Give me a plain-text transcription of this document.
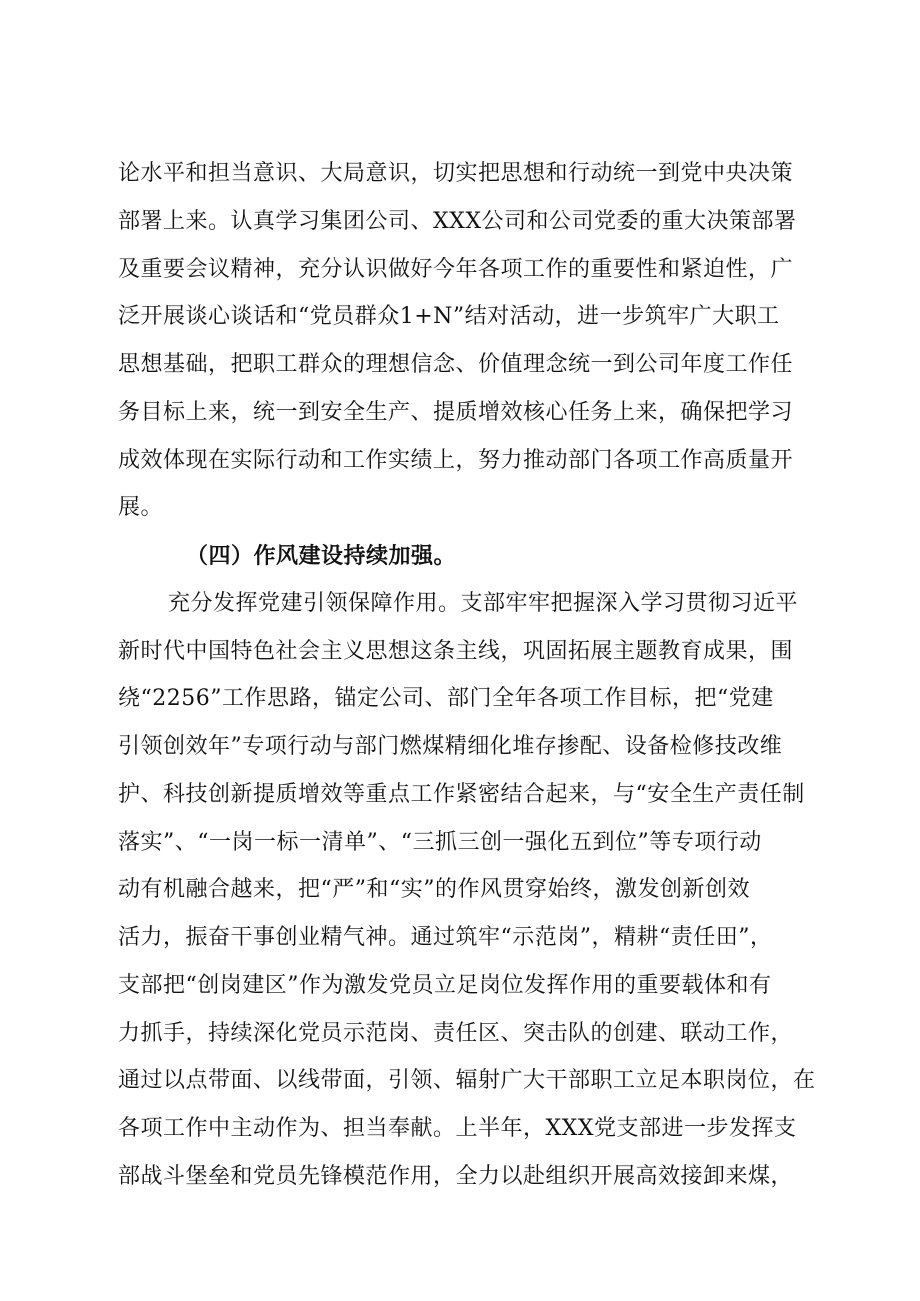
论水平和担当意识、大局意识，切实把思想和行动统一到党中央决策
部署上来。认真学习集团公司、XXX公司和公司党委的重大决策部署
及重要会议精神，充分认识做好今年各项工作的重要性和紧迫性，广
泛开展谈心谈话和“党员群众1+N”结对活动，进一步筑牢广大职工
思想基础，把职工群众的理想信念、价值理念统一到公司年度工作任
务目标上来，统一到安全生产、提质增效核心任务上来，确保把学习
成效体现在实际行动和工作实绩上，努力推动部门各项工作高质量开
展。
（四）作风建设持续加强。
充分发挥党建引领保障作用。支部牢牢把握深入学习贯彻习近平
新时代中国特色社会主义思想这条主线，巩固拓展主题教育成果，围
绕“2256”工作思路，锚定公司、部门全年各项工作目标，把“党建
引领创效年”专项行动与部门燃煤精细化堆存掺配、设备检修技改维
护、科技创新提质增效等重点工作紧密结合起来，与“安全生产责任制
落实”、“一岗一标一清单”、“三抓三创一强化五到位”等专项行动
动有机融合越来，把“严”和“实”的作风贯穿始终，激发创新创效
活力，振奋干事创业精气神。通过筑牢“示范岗”，精耕“责任田”，
支部把“创岗建区”作为激发党员立足岗位发挥作用的重要载体和有
力抓手，持续深化党员示范岗、责任区、突击队的创建、联动工作，
通过以点带面、以线带面，引领、辐射广大干部职工立足本职岗位，在
各项工作中主动作为、担当奉献。上半年，XXX党支部进一步发挥支
部战斗堡垒和党员先锋模范作用，全力以赴组织开展高效接卸来煤，
